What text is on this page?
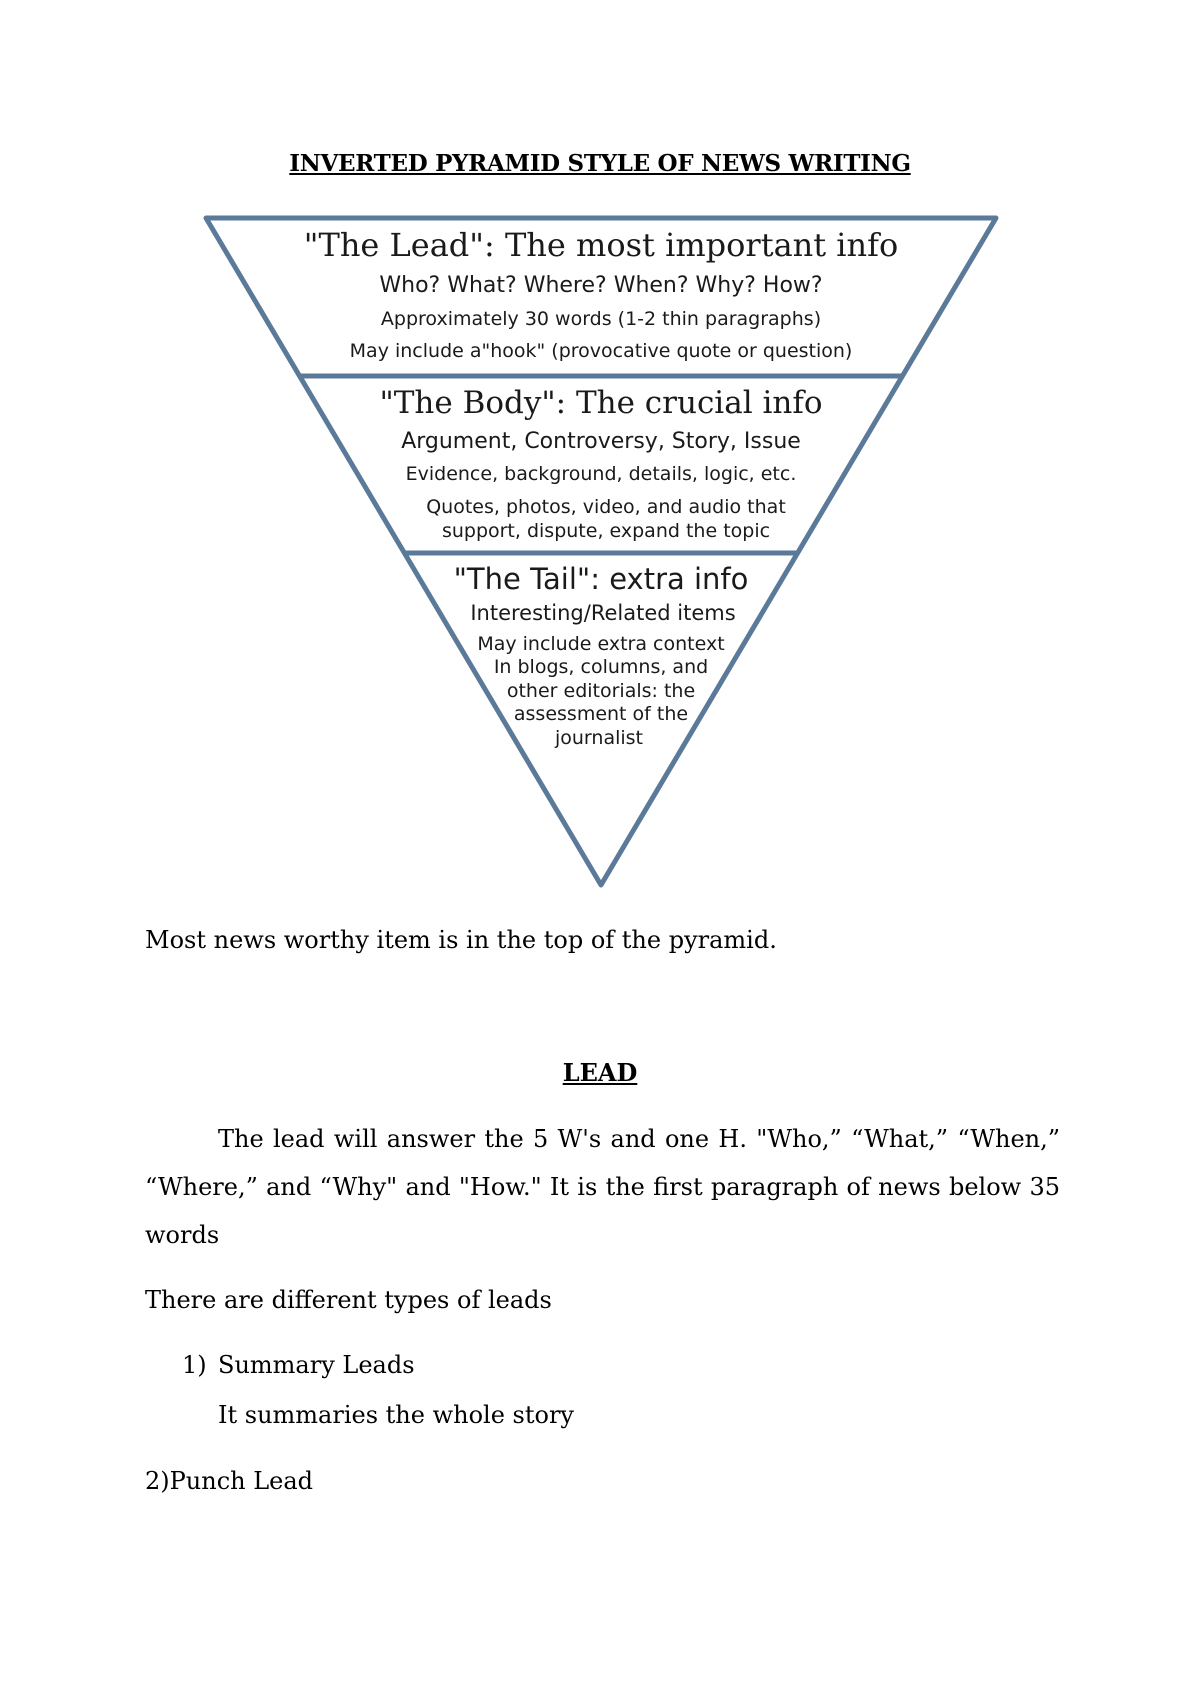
INVERTED PYRAMID STYLE OF NEWS WRITING
"The Lead": The most important info
Who? What? Where? When? Why? How?
Approximately 30 words (1-2 thin paragraphs)
May include a"hook" (provocative quote or question)
"The Body": The crucial info
Argument, Controversy, Story, Issue
Evidence, background, details, logic, etc.
Quotes, photos, video, and audio that
support, dispute, expand the topic
"The Tail": extra info
Interesting/Related items
May include extra context
In blogs, columns, and
other editorials: the
assessment of the
journalist

Most news worthy item is in the top of the pyramid.

LEAD
The lead will answer the 5 W's and one H. "Who,” “What,” “When,”
“Where,” and “Why" and "How." It is the first paragraph of news below 35

words

There are different types of leads

1) Summary Leads

It summaries the whole story

2)Punch Lead
